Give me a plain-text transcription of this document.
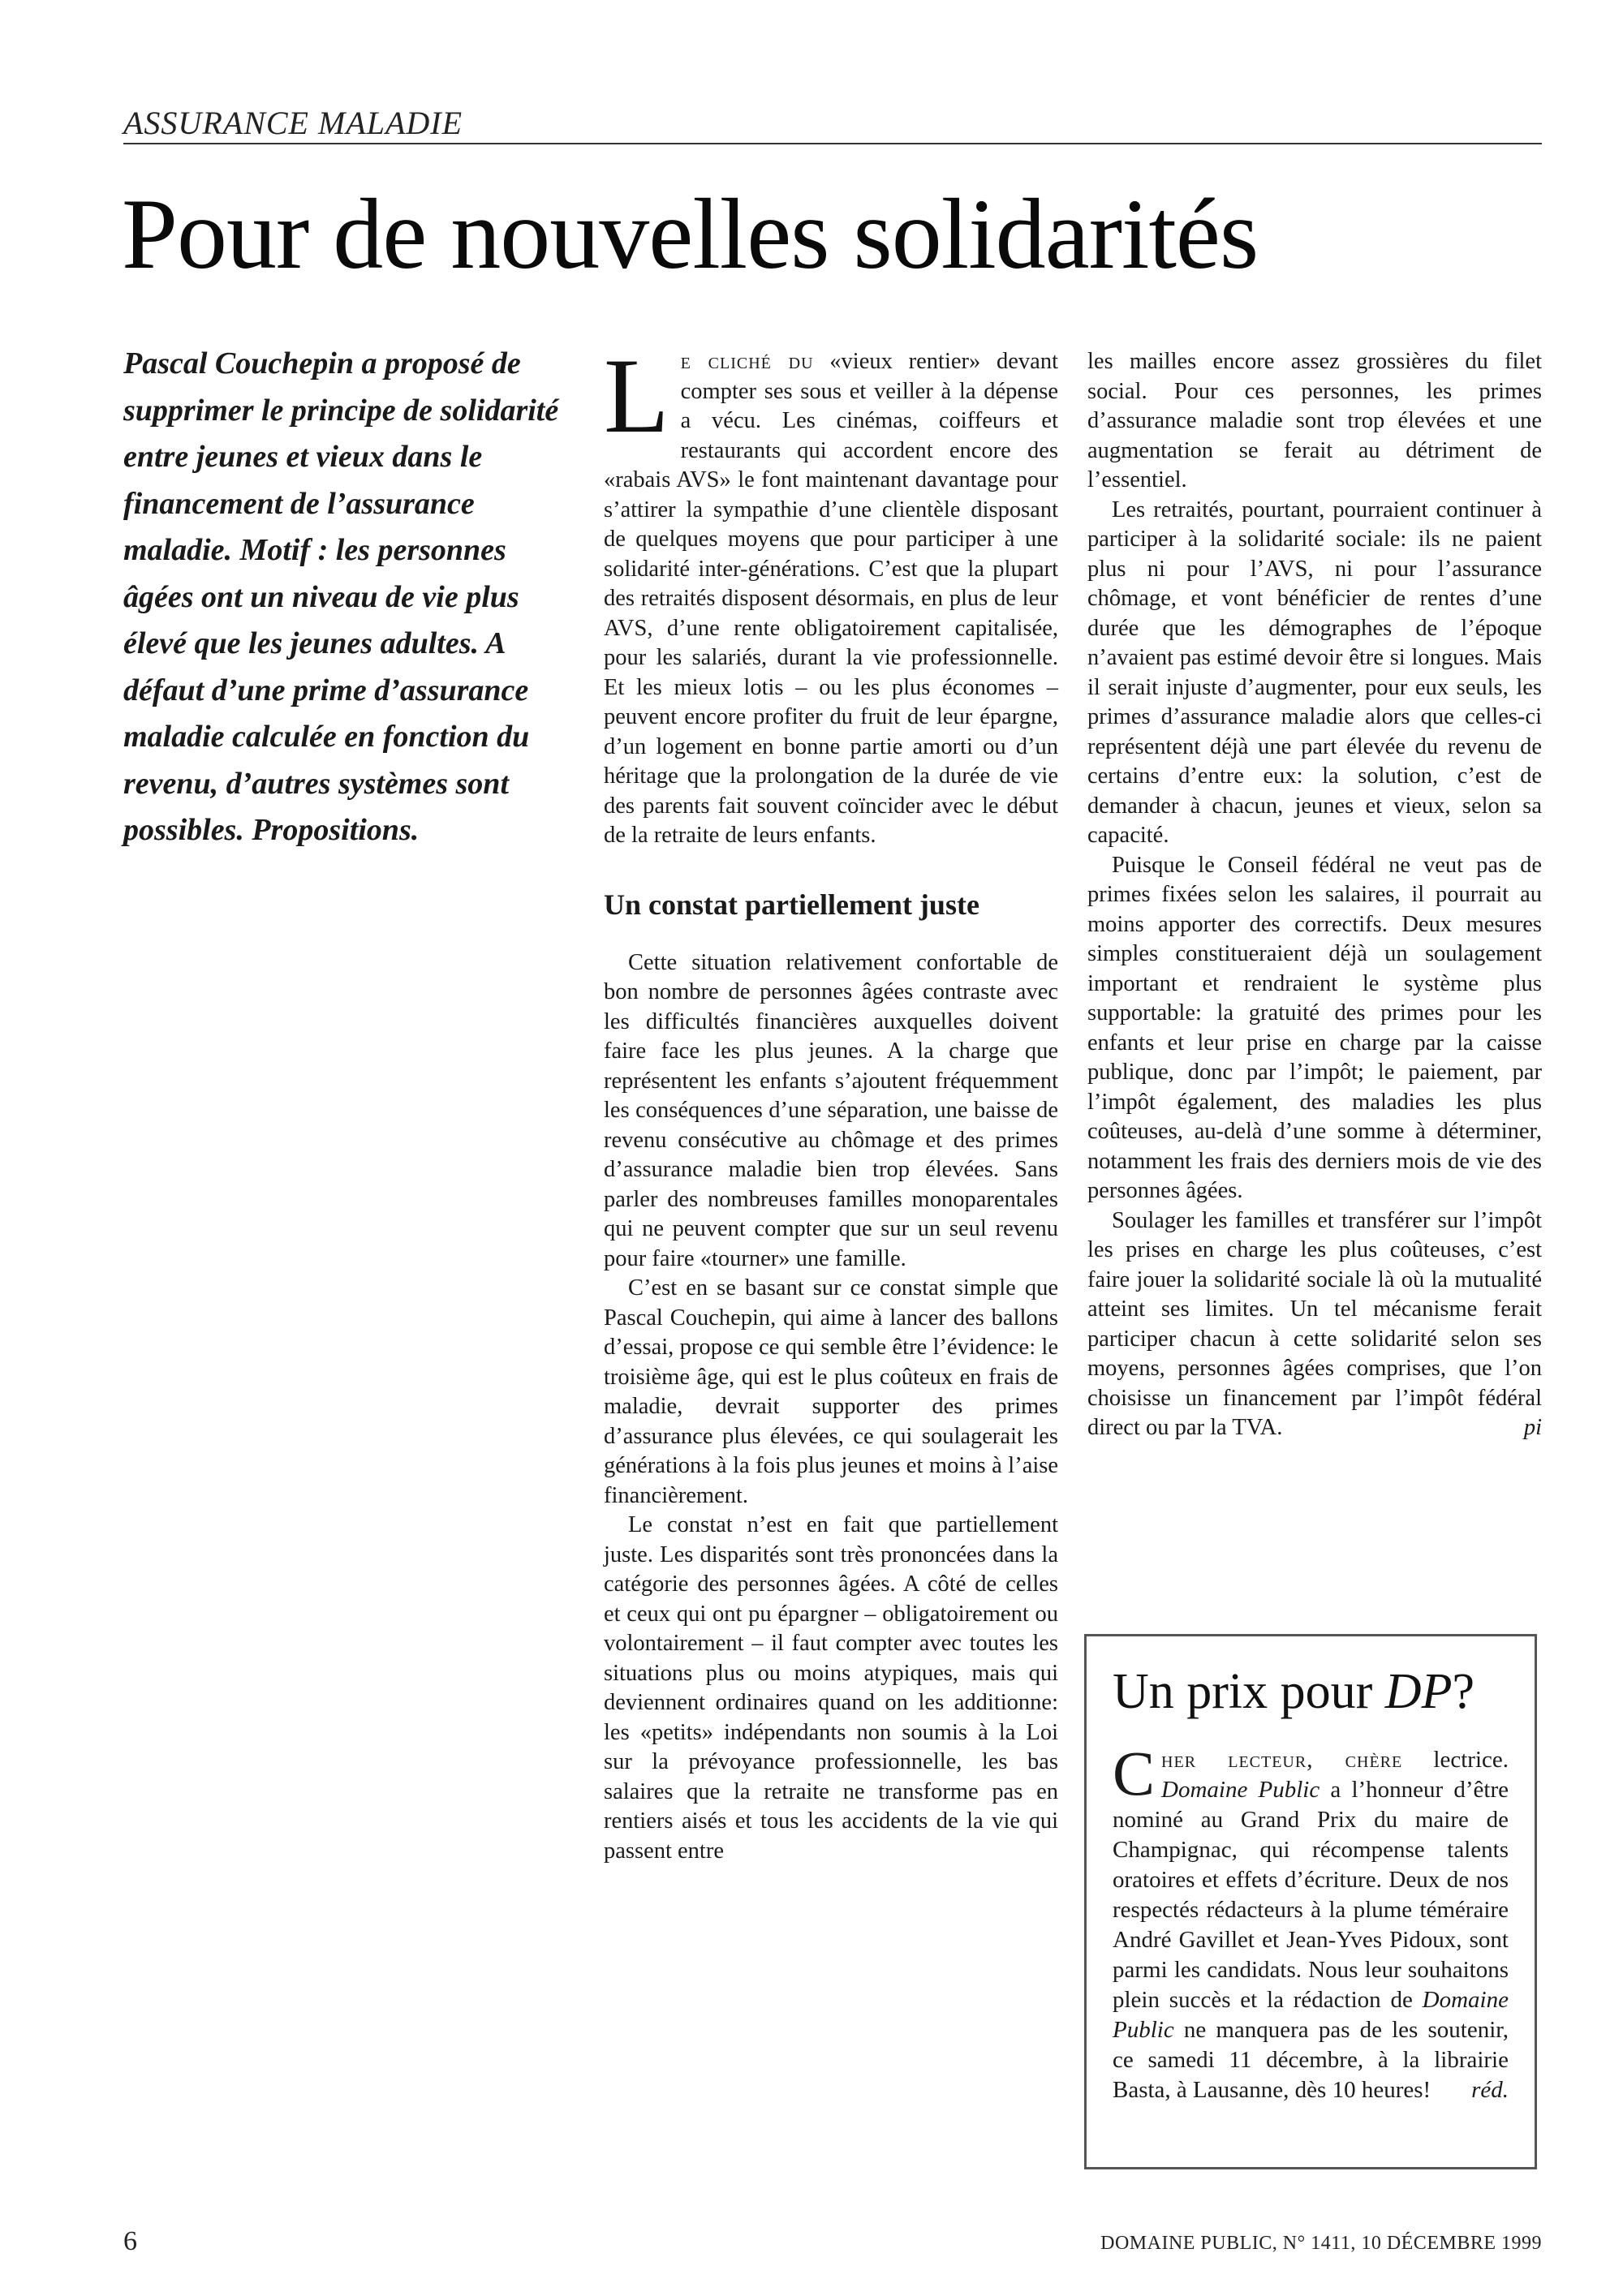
ASSURANCE MALADIE
Pour de nouvelles solidarités

Pascal Couchepin a proposé de supprimer le principe de solidarité entre jeunes et vieux dans le financement de l’assurance maladie. Motif : les personnes âgées ont un niveau de vie plus élevé que les jeunes adultes. A défaut d’une prime d’assurance maladie calculée en fonction du revenu, d’autres systèmes sont possibles. Propositions.

Le cliché du «vieux rentier» devant compter ses sous et veiller à la dépense a vécu. Les cinémas, coiffeurs et restaurants qui accordent encore des «rabais AVS» le font maintenant davantage pour s’attirer la sympathie d’une clientèle disposant de quelques moyens que pour participer à une solidarité inter-générations. C’est que la plupart des retraités disposent désormais, en plus de leur AVS, d’une rente obligatoirement capitalisée, pour les salariés, durant la vie professionnelle. Et les mieux lotis – ou les plus économes – peuvent encore profiter du fruit de leur épargne, d’un logement en bonne partie amorti ou d’un héritage que la prolongation de la durée de vie des parents fait souvent coïncider avec le début de la retraite de leurs enfants.

Un constat partiellement juste

Cette situation relativement confortable de bon nombre de personnes âgées contraste avec les difficultés financières auxquelles doivent faire face les plus jeunes. A la charge que représentent les enfants s’ajoutent fréquemment les conséquences d’une séparation, une baisse de revenu consécutive au chômage et des primes d’assurance maladie bien trop élevées. Sans parler des nombreuses familles monoparentales qui ne peuvent compter que sur un seul revenu pour faire «tourner» une famille.

C’est en se basant sur ce constat simple que Pascal Couchepin, qui aime à lancer des ballons d’essai, propose ce qui semble être l’évidence: le troisième âge, qui est le plus coûteux en frais de maladie, devrait supporter des primes d’assurance plus élevées, ce qui soulagerait les générations à la fois plus jeunes et moins à l’aise financièrement.

Le constat n’est en fait que partiellement juste. Les disparités sont très prononcées dans la catégorie des personnes âgées. A côté de celles et ceux qui ont pu épargner – obligatoirement ou volontairement – il faut compter avec toutes les situations plus ou moins atypiques, mais qui deviennent ordinaires quand on les additionne: les «petits» indépendants non soumis à la Loi sur la prévoyance professionnelle, les bas salaires que la retraite ne transforme pas en rentiers aisés et tous les accidents de la vie qui passent entre

les mailles encore assez grossières du filet social. Pour ces personnes, les primes d’assurance maladie sont trop élevées et une augmentation se ferait au détriment de l’essentiel.

Les retraités, pourtant, pourraient continuer à participer à la solidarité sociale: ils ne paient plus ni pour l’AVS, ni pour l’assurance chômage, et vont bénéficier de rentes d’une durée que les démographes de l’époque n’avaient pas estimé devoir être si longues. Mais il serait injuste d’augmenter, pour eux seuls, les primes d’assurance maladie alors que celles-ci représentent déjà une part élevée du revenu de certains d’entre eux: la solution, c’est de demander à chacun, jeunes et vieux, selon sa capacité.

Puisque le Conseil fédéral ne veut pas de primes fixées selon les salaires, il pourrait au moins apporter des correctifs. Deux mesures simples constitueraient déjà un soulagement important et rendraient le système plus supportable: la gratuité des primes pour les enfants et leur prise en charge par la caisse publique, donc par l’impôt; le paiement, par l’impôt également, des maladies les plus coûteuses, au-delà d’une somme à déterminer, notamment les frais des derniers mois de vie des personnes âgées.

Soulager les familles et transférer sur l’impôt les prises en charge les plus coûteuses, c’est faire jouer la solidarité sociale là où la mutualité atteint ses limites. Un tel mécanisme ferait participer chacun à cette solidarité selon ses moyens, personnes âgées comprises, que l’on choisisse un financement par l’impôt fédéral direct ou par la TVA.	pi

Un prix pour DP?

Cher lecteur, chère lectrice. Domaine Public a l’honneur d’être nominé au Grand Prix du maire de Champignac, qui récompense talents oratoires et effets d’écriture. Deux de nos respectés rédacteurs à la plume téméraire André Gavillet et Jean-Yves Pidoux, sont parmi les candidats. Nous leur souhaitons plein succès et la rédaction de Domaine Public ne manquera pas de les soutenir, ce samedi 11 décembre, à la librairie Basta, à Lausanne, dès 10 heures! réd.

6	DOMAINE PUBLIC, N° 1411, 10 DÉCEMBRE 1999
